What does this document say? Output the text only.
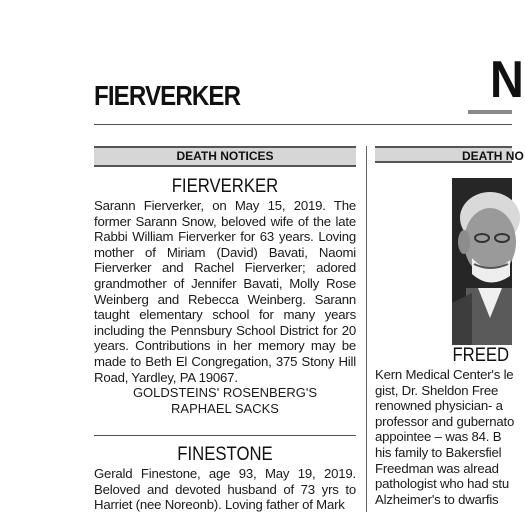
FIERVERKER	N
DEATH NOTICES	DEATH NO
FIERVERKER

Sarann Fierverker, on May 15, 2019. The former Sarann Snow, beloved wife of the late Rabbi William Fierverker for 63 years. Loving mother of Miriam (David) Bavati, Naomi Fierverker and Rachel Fierverker; adored grandmother of Jennifer Bavati, Molly Rose Weinberg and Rebecca Weinberg. Sarann taught elementary school for many years including the Pennsbury School District for 20 years. Contributions in her memory may be made to Beth El Congregation, 375 Stony Hill Road, Yardley, PA 19067.

GOLDSTEINS' ROSENBERG'S
RAPHAEL SACKS
FINESTONE

Gerald Finestone, age 93, May 19, 2019. Beloved and devoted husband of 73 yrs to Harriet (nee Noreonb). Loving father of Mark

FREED
Kern Medical Center's le
gist, Dr. Sheldon Free
renowned physician- a
professor and gubernato
appointee – was 84. B
his family to Bakersfiel
Freedman was alread
pathologist who had stu
Alzheimer's to dwarfis
